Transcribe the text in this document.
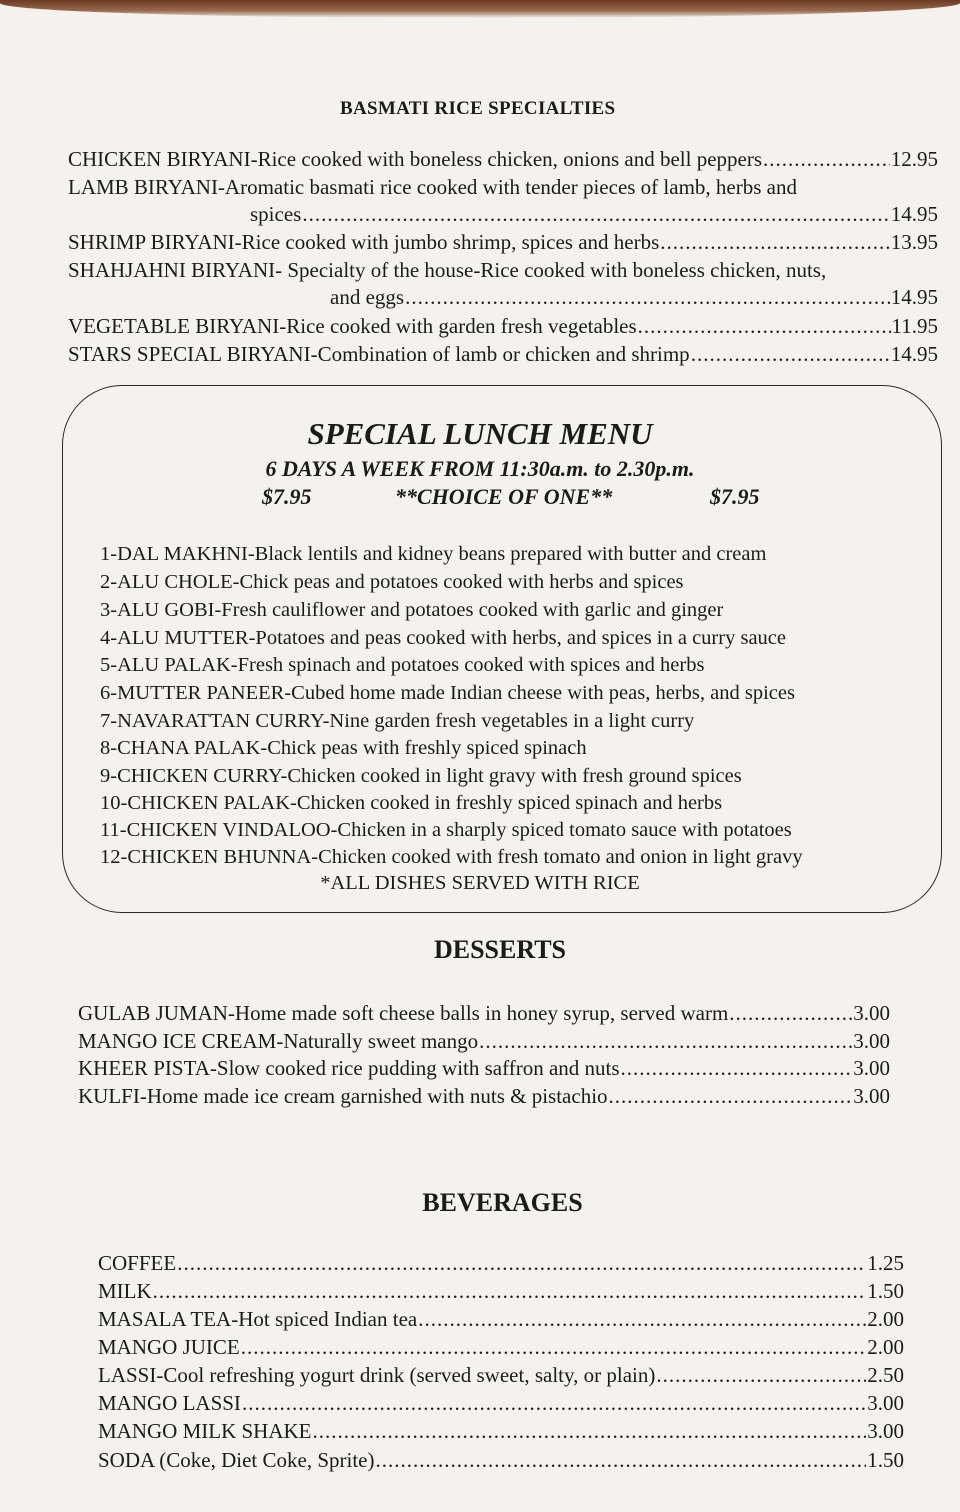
BASMATI RICE SPECIALTIES
CHICKEN BIRYANI-Rice cooked with boneless chicken, onions and bell peppers .....	12.95
LAMB BIRYANI-Aromatic basmati rice cooked with tender pieces of lamb, herbs and
spices .....	14.95
SHRIMP BIRYANI-Rice cooked with jumbo shrimp, spices and herbs .....	13.95
SHAHJAHNI BIRYANI- Specialty of the house-Rice cooked with boneless chicken, nuts,
and eggs .....	14.95
VEGETABLE BIRYANI-Rice cooked with garden fresh vegetables .....	11.95
STARS SPECIAL BIRYANI-Combination of lamb or chicken and shrimp .....	14.95
SPECIAL LUNCH MENU
6 DAYS A WEEK FROM 11:30a.m. to 2.30p.m.
$7.95	**CHOICE OF ONE**	$7.95
1-DAL MAKHNI-Black lentils and kidney beans prepared with butter and cream
2-ALU CHOLE-Chick peas and potatoes cooked with herbs and spices
3-ALU GOBI-Fresh cauliflower and potatoes cooked with garlic and ginger
4-ALU MUTTER-Potatoes and peas cooked with herbs, and spices in a curry sauce
5-ALU PALAK-Fresh spinach and potatoes cooked with spices and herbs
6-MUTTER PANEER-Cubed home made Indian cheese with peas, herbs, and spices
7-NAVARATTAN CURRY-Nine garden fresh vegetables in a light curry
8-CHANA PALAK-Chick peas with freshly spiced spinach
9-CHICKEN CURRY-Chicken cooked in light gravy with fresh ground spices
10-CHICKEN PALAK-Chicken cooked in freshly spiced spinach and herbs
11-CHICKEN VINDALOO-Chicken in a sharply spiced tomato sauce with potatoes
12-CHICKEN BHUNNA-Chicken cooked with fresh tomato and onion in light gravy
*ALL DISHES SERVED WITH RICE
DESSERTS
GULAB JUMAN-Home made soft cheese balls in honey syrup, served warm .....	3.00
MANGO ICE CREAM-Naturally sweet mango .....	3.00
KHEER PISTA-Slow cooked rice pudding with saffron and nuts .....	3.00
KULFI-Home made ice cream garnished with nuts & pistachio .....	3.00
BEVERAGES
COFFEE .....	1.25
MILK .....	1.50
MASALA TEA-Hot spiced Indian tea .....	2.00
MANGO JUICE .....	2.00
LASSI-Cool refreshing yogurt drink (served sweet, salty, or plain) .....	2.50
MANGO LASSI .....	3.00
MANGO MILK SHAKE .....	3.00
SODA (Coke, Diet Coke, Sprite) .....	1.50
